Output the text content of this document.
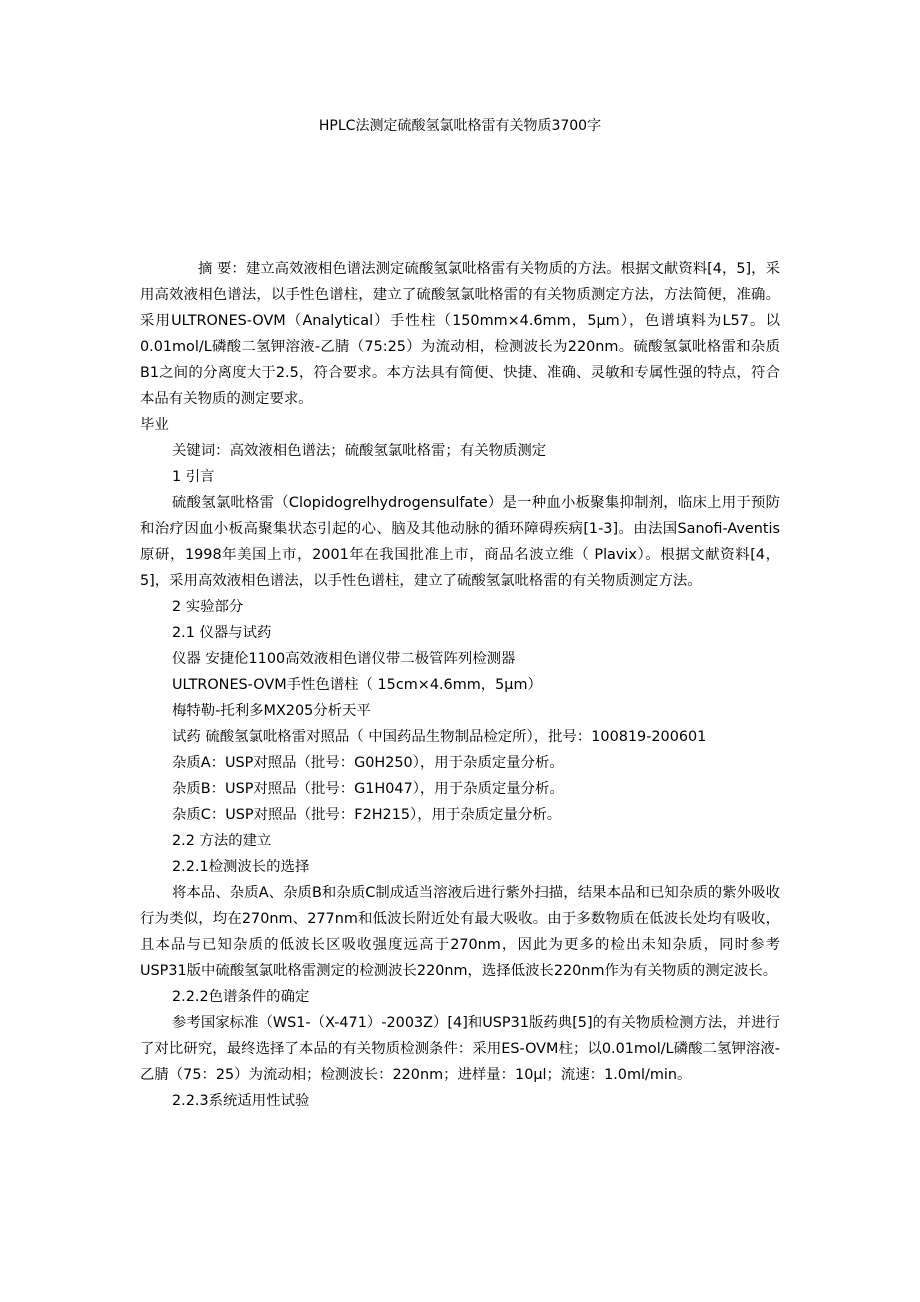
HPLC法测定硫酸氢氯吡格雷有关物质3700字

摘 要：建立高效液相色谱法测定硫酸氢氯吡格雷有关物质的方法。根据文献资料[4，5]，采用高效液相色谱法，以手性色谱柱，建立了硫酸氢氯吡格雷的有关物质测定方法，方法简便，准确。采用ULTRONES-OVM（Analytical）手性柱（150mm×4.6mm，5μm），色谱填料为L57。以0.01mol/L磷酸二氢钾溶液-乙腈（75:25）为流动相，检测波长为220nm。硫酸氢氯吡格雷和杂质B1之间的分离度大于2.5，符合要求。本方法具有简便、快捷、准确、灵敏和专属性强的特点，符合本品有关物质的测定要求。

毕业

关键词：高效液相色谱法；硫酸氢氯吡格雷；有关物质测定

1 引言

硫酸氢氯吡格雷（Clopidogrelhydrogensulfate）是一种血小板聚集抑制剂，临床上用于预防和治疗因血小板高聚集状态引起的心、脑及其他动脉的循环障碍疾病[1-3]。由法国Sanofi-Aventis原研，1998年美国上市，2001年在我国批准上市，商品名波立维（ Plavix）。根据文献资料[4，5]，采用高效液相色谱法，以手性色谱柱，建立了硫酸氢氯吡格雷的有关物质测定方法。

2 实验部分

2.1 仪器与试药

仪器 安捷伦1100高效液相色谱仪带二极管阵列检测器

ULTRONES-OVM手性色谱柱（ 15cm×4.6mm，5μm）

梅特勒-托利多MX205分析天平

试药 硫酸氢氯吡格雷对照品（ 中国药品生物制品检定所），批号：100819-200601

杂质A：USP对照品（批号：G0H250），用于杂质定量分析。

杂质B：USP对照品（批号：G1H047），用于杂质定量分析。

杂质C：USP对照品（批号：F2H215），用于杂质定量分析。

2.2 方法的建立

2.2.1检测波长的选择

将本品、杂质A、杂质B和杂质C制成适当溶液后进行紫外扫描，结果本品和已知杂质的紫外吸收行为类似，均在270nm、277nm和低波长附近处有最大吸收。由于多数物质在低波长处均有吸收，且本品与已知杂质的低波长区吸收强度远高于270nm，因此为更多的检出未知杂质，同时参考USP31版中硫酸氢氯吡格雷测定的检测波长220nm，选择低波长220nm作为有关物质的测定波长。

2.2.2色谱条件的确定

参考国家标准（WS1-（X-471）-2003Z）[4]和USP31版药典[5]的有关物质检测方法，并进行了对比研究，最终选择了本品的有关物质检测条件：采用ES-OVM柱；以0.01mol/L磷酸二氢钾溶液-乙腈（75：25）为流动相；检测波长：220nm；进样量：10μl；流速：1.0ml/min。

2.2.3系统适用性试验
